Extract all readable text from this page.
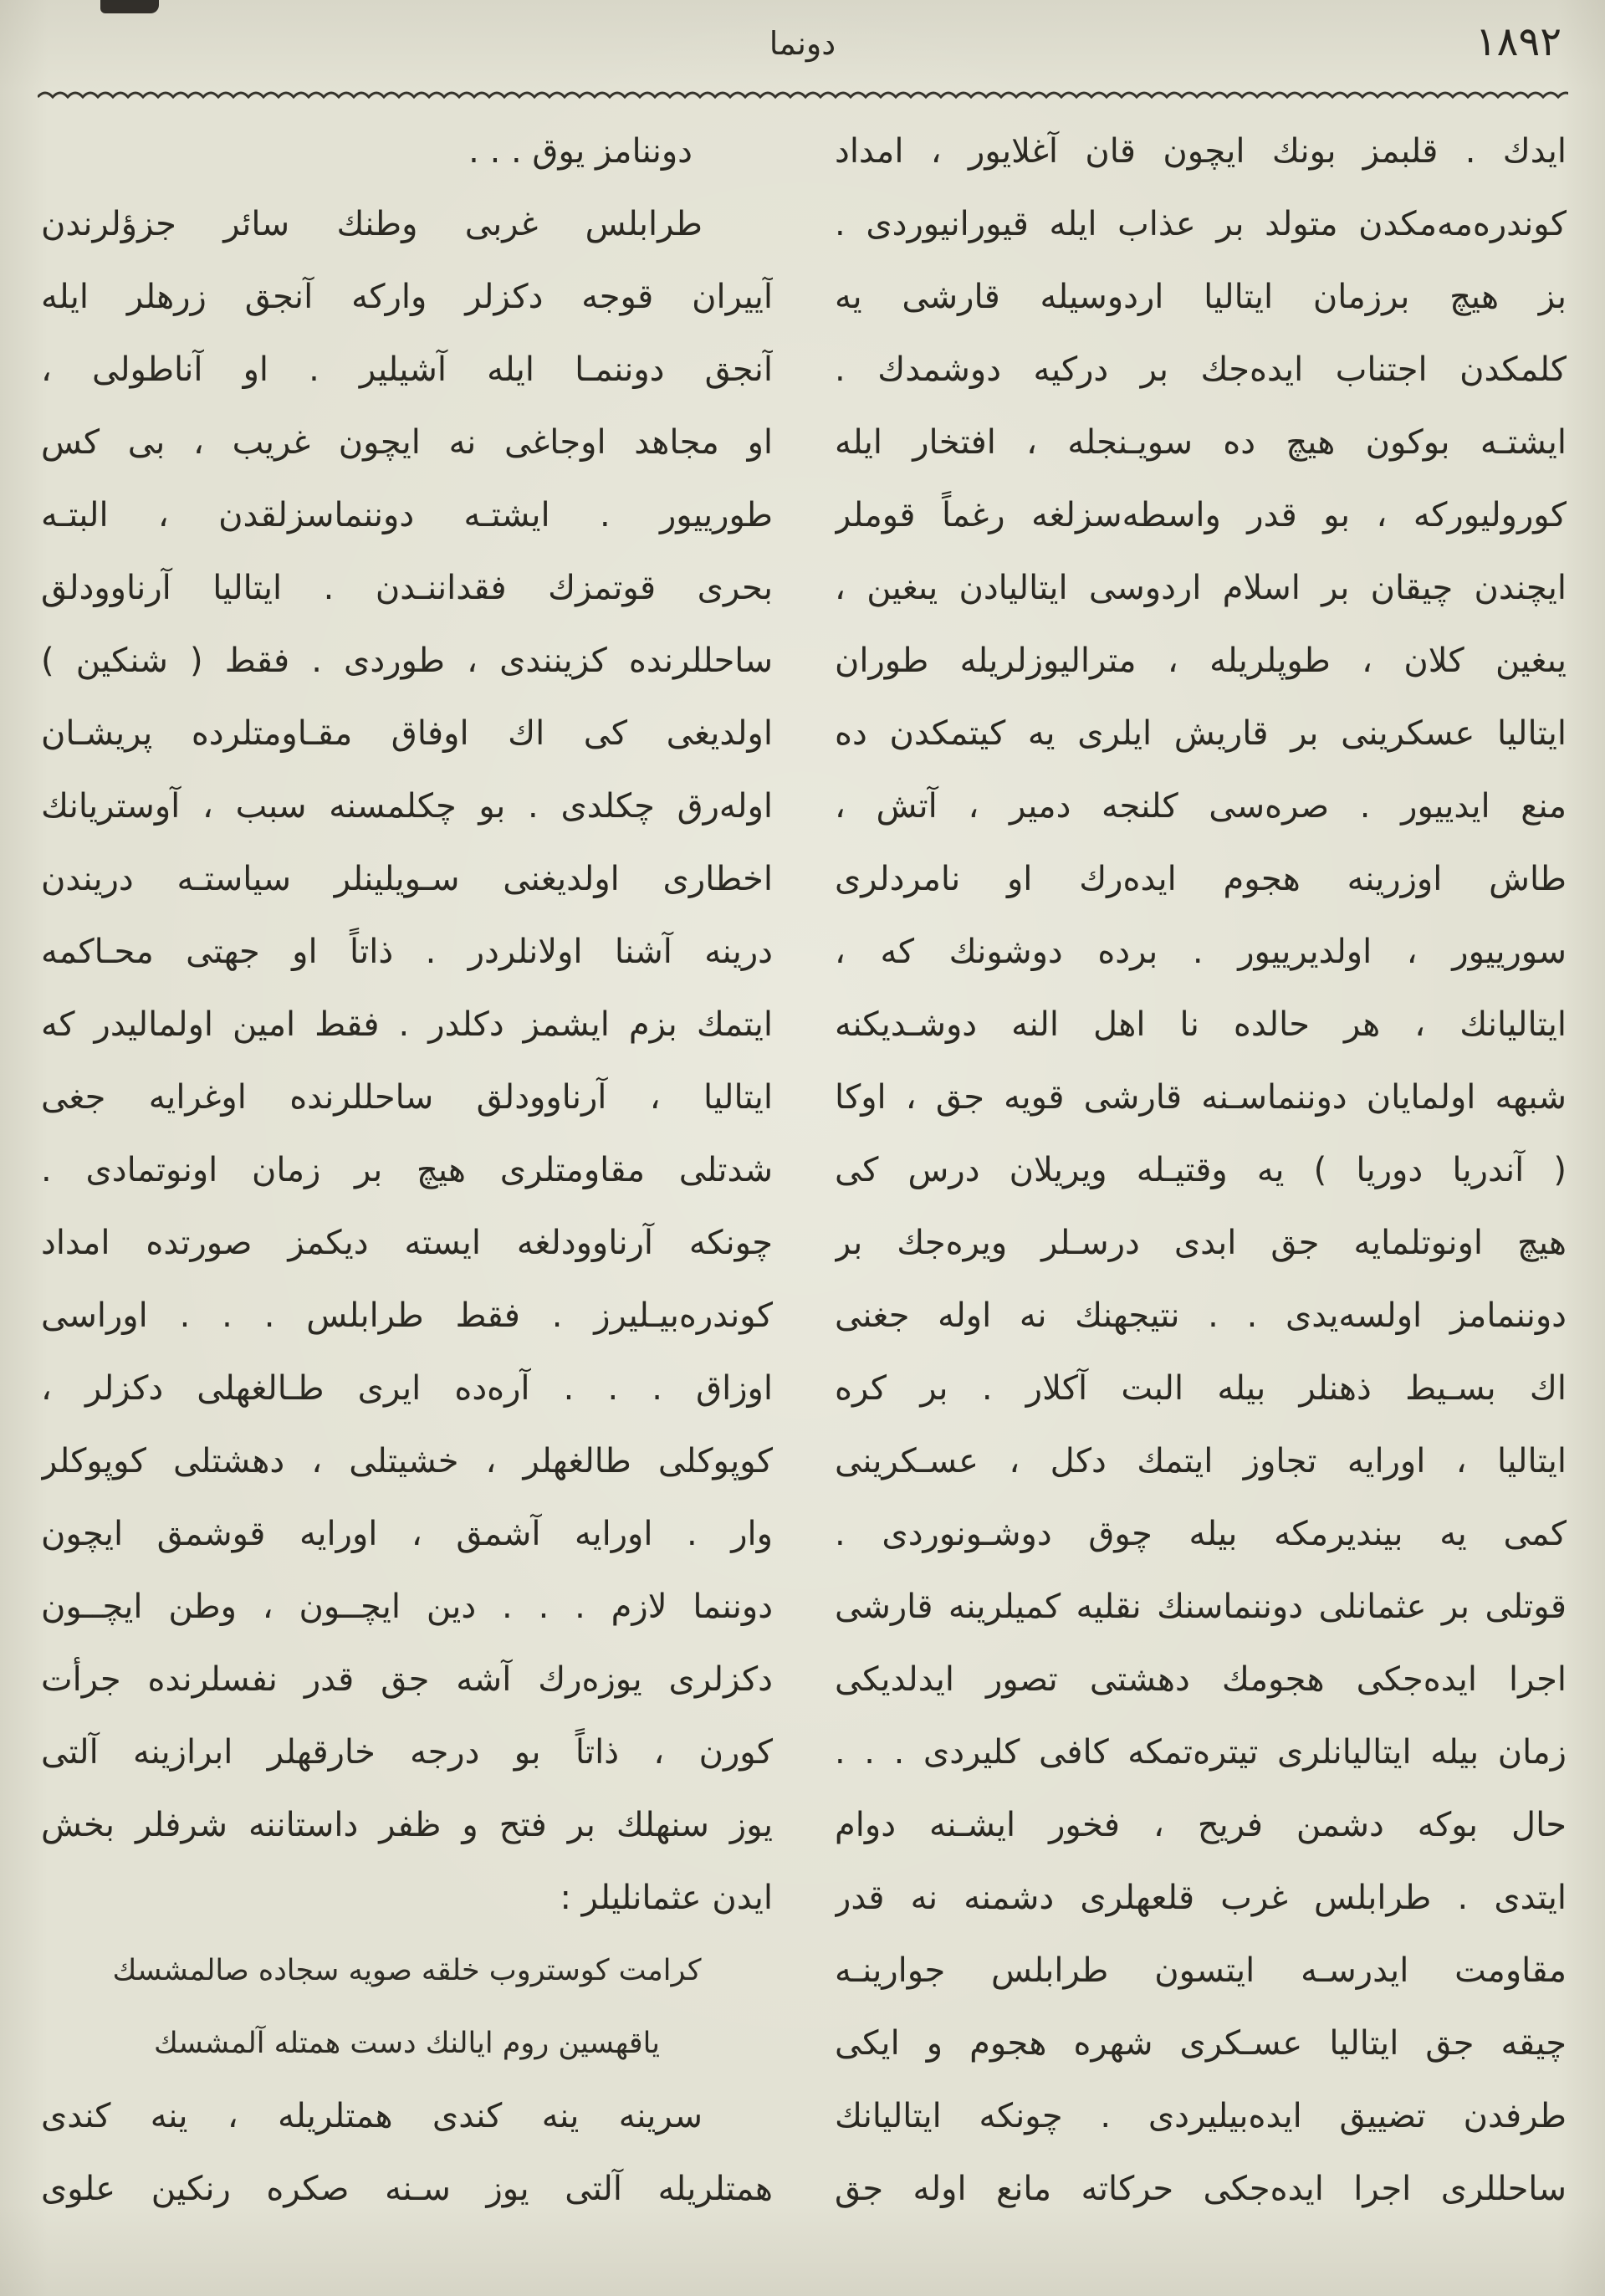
دونما	١٨٩٢
ايدك . قلبمز بونك ايچون قان آغلايور ، امداد
كوندرەمەمكدن متولد بر عذاب ايله قيورانيوردى .
بز هيچ برزمان ايتاليا اردوسيله قارشى يه
كلمكدن اجتناب ايدەجك بر دركيه دوشمدك .
ايشتـه بوكون هيچ دە سويـنجله ، افتخار ايله
كوروليوركه ، بو قدر واسطەسزلغه رغماً قوملر
ايچندن چيقان بر اسلام اردوسى ايتاليادن يىغين ،
يىغين كلان ، طوپلريله ، متراليوزلريله طوران
ايتاليا عسكرينى بر قاريش ايلرى يه كيتمكدن ده
منع ايدييور . صرەسى كلنجه دمير ، آتش ،
طاش اوزرينه هجوم ايدەرك او نامردلرى
سورييور ، اولديرييور . بردە دوشونك كه ،
ايتاليانك ، هر حالدە نا اهل النه دوشـديكنه
شبهه اولمايان دوننماسـنه قارشى قويه جق ، اوكا
( آندريا دوريا ) يه وقتيـله ويريلان درس كى
هيچ اونوتلمايه جق ابدى درسـلر ويرەجك بر
دوننمامز اولسەيدى . . نتيجهنك نه اوله جغنى
اك بسـيط ذهنلر بيله البت آكلار . بر كره
ايتاليا ، اورايه تجاوز ايتمك دكل ، عسـكرينى
كمى يه بينديرمكه بيله چوق دوشـونوردى .
قوتلى بر عثمانلى دوننماسنك نقليه كميلرينه قارشى
اجرا ايدەجكى هجومك دهشتى تصور ايدلديكى
زمان بيله ايتاليانلرى تيترەتمكه كافى كليردى . . .
حال بوكه دشمن فريح ، فخور ايشـنه دوام
ايتدى . طرابلس غرب قلعهلرى دشمنه نه قدر
مقاومت ايدرسـه ايتسون طرابلس جوارينـه
چيقه جق ايتاليا عسـكرى شهره هجوم و ايكى
طرفدن تضييق ايدەبيليردى . چونكه ايتاليانك
ساحللرى اجرا ايدەجكى حركاته مانع اوله جق
دوننامز يوق . . .
طرابلس غربى وطنك سائر جزؤلرندن
آييران قوجه دكزلر واركه آنجق زرهلر ايله
آنجق دوننمـا ايله آشيلير . او آناطولى ،
او مجاهد اوجاغى نه ايچون غريب ، بى كس
طورييور . ايشتـه دوننماسزلقدن ، البتـه
بحرى قوتمزك فقداننـدن . ايتاليا آرناوودلق
ساحللرنده كزينندى ، طوردى . فقط ( شنكين )
اولديغى كى اك اوفاق مقـاومتلرده پريشـان
اولەرق چكلدى . بو چكلمسنه سبب ، آوستريانك
اخطارى اولديغنى سـويلينلر سياستـه دريندن
درينه آشنا اولانلردر . ذاتاً او جهتى محـاكمه
ايتمك بزم ايشمز دكلدر . فقط امين اولماليدر كه
ايتاليا ، آرناوودلق ساحللرنده اوغرايه جغى
شدتلى مقاومتلرى هيچ بر زمان اونوتمادى .
چونكه آرناوودلغه ايسته ديكمز صورتده امداد
كوندرەبيـليرز . فقط طرابلس . . . اوراسى
اوزاق . . . آرەده ايرى طـالغهلى دكزلر ،
كوپوكلى طالغهلر ، خشيتلى ، دهشتلى كوپوكلر
وار . اورايه آشمق ، اورايه قوشمق ايچون
دوننما لازم . . . دين ايچــون ، وطن ايچــون
دكزلرى يوزەرك آشه جق قدر نفسلرنده جرأت
كورن ، ذاتاً بو درجه خارقهلر ابرازينه آلتى
يوز سنهلك بر فتح و ظفر داستاننه شرفلر بخش
ايدن عثمانليلر :
كرامت كوستروب خلقه صويه سجاده صالمشسك
ياقهسين روم ايالنك دست همتله آلمشسك
سرينه ينه كندى همتلريله ، ينه كندى
همتلريله آلتى يوز سـنه صكره رنكين علوى
